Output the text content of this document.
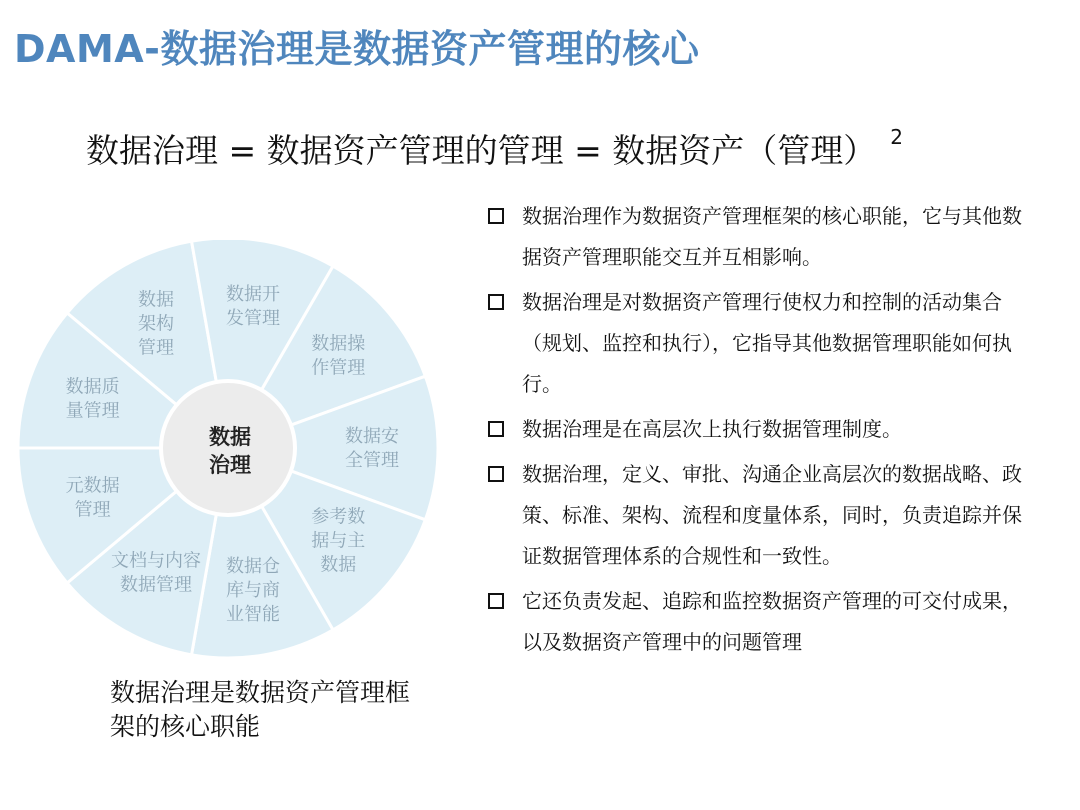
DAMA-数据治理是数据资产管理的核心
数据治理 = 数据资产管理的管理 = 数据资产（管理） $^2$
数据
架构
管理
数据开
发管理
数据操
作管理
数据安
全管理
参考数
据与主
数据
数据仓
库与商
业智能
文档与内容
数据管理
元数据
管理
数据质
量管理
数据
治理
数据治理是数据资产管理框架的核心职能
数据治理作为数据资产管理框架的核心职能，它与其他数据资产管理职能交互并互相影响。
数据治理是对数据资产管理行使权力和控制的活动集合（规划、监控和执行），它指导其他数据管理职能如何执行。
数据治理是在高层次上执行数据管理制度。
数据治理，定义、审批、沟通企业高层次的数据战略、政策、标准、架构、流程和度量体系，同时，负责追踪并保证数据管理体系的合规性和一致性。
它还负责发起、追踪和监控数据资产管理的可交付成果，以及数据资产管理中的问题管理
